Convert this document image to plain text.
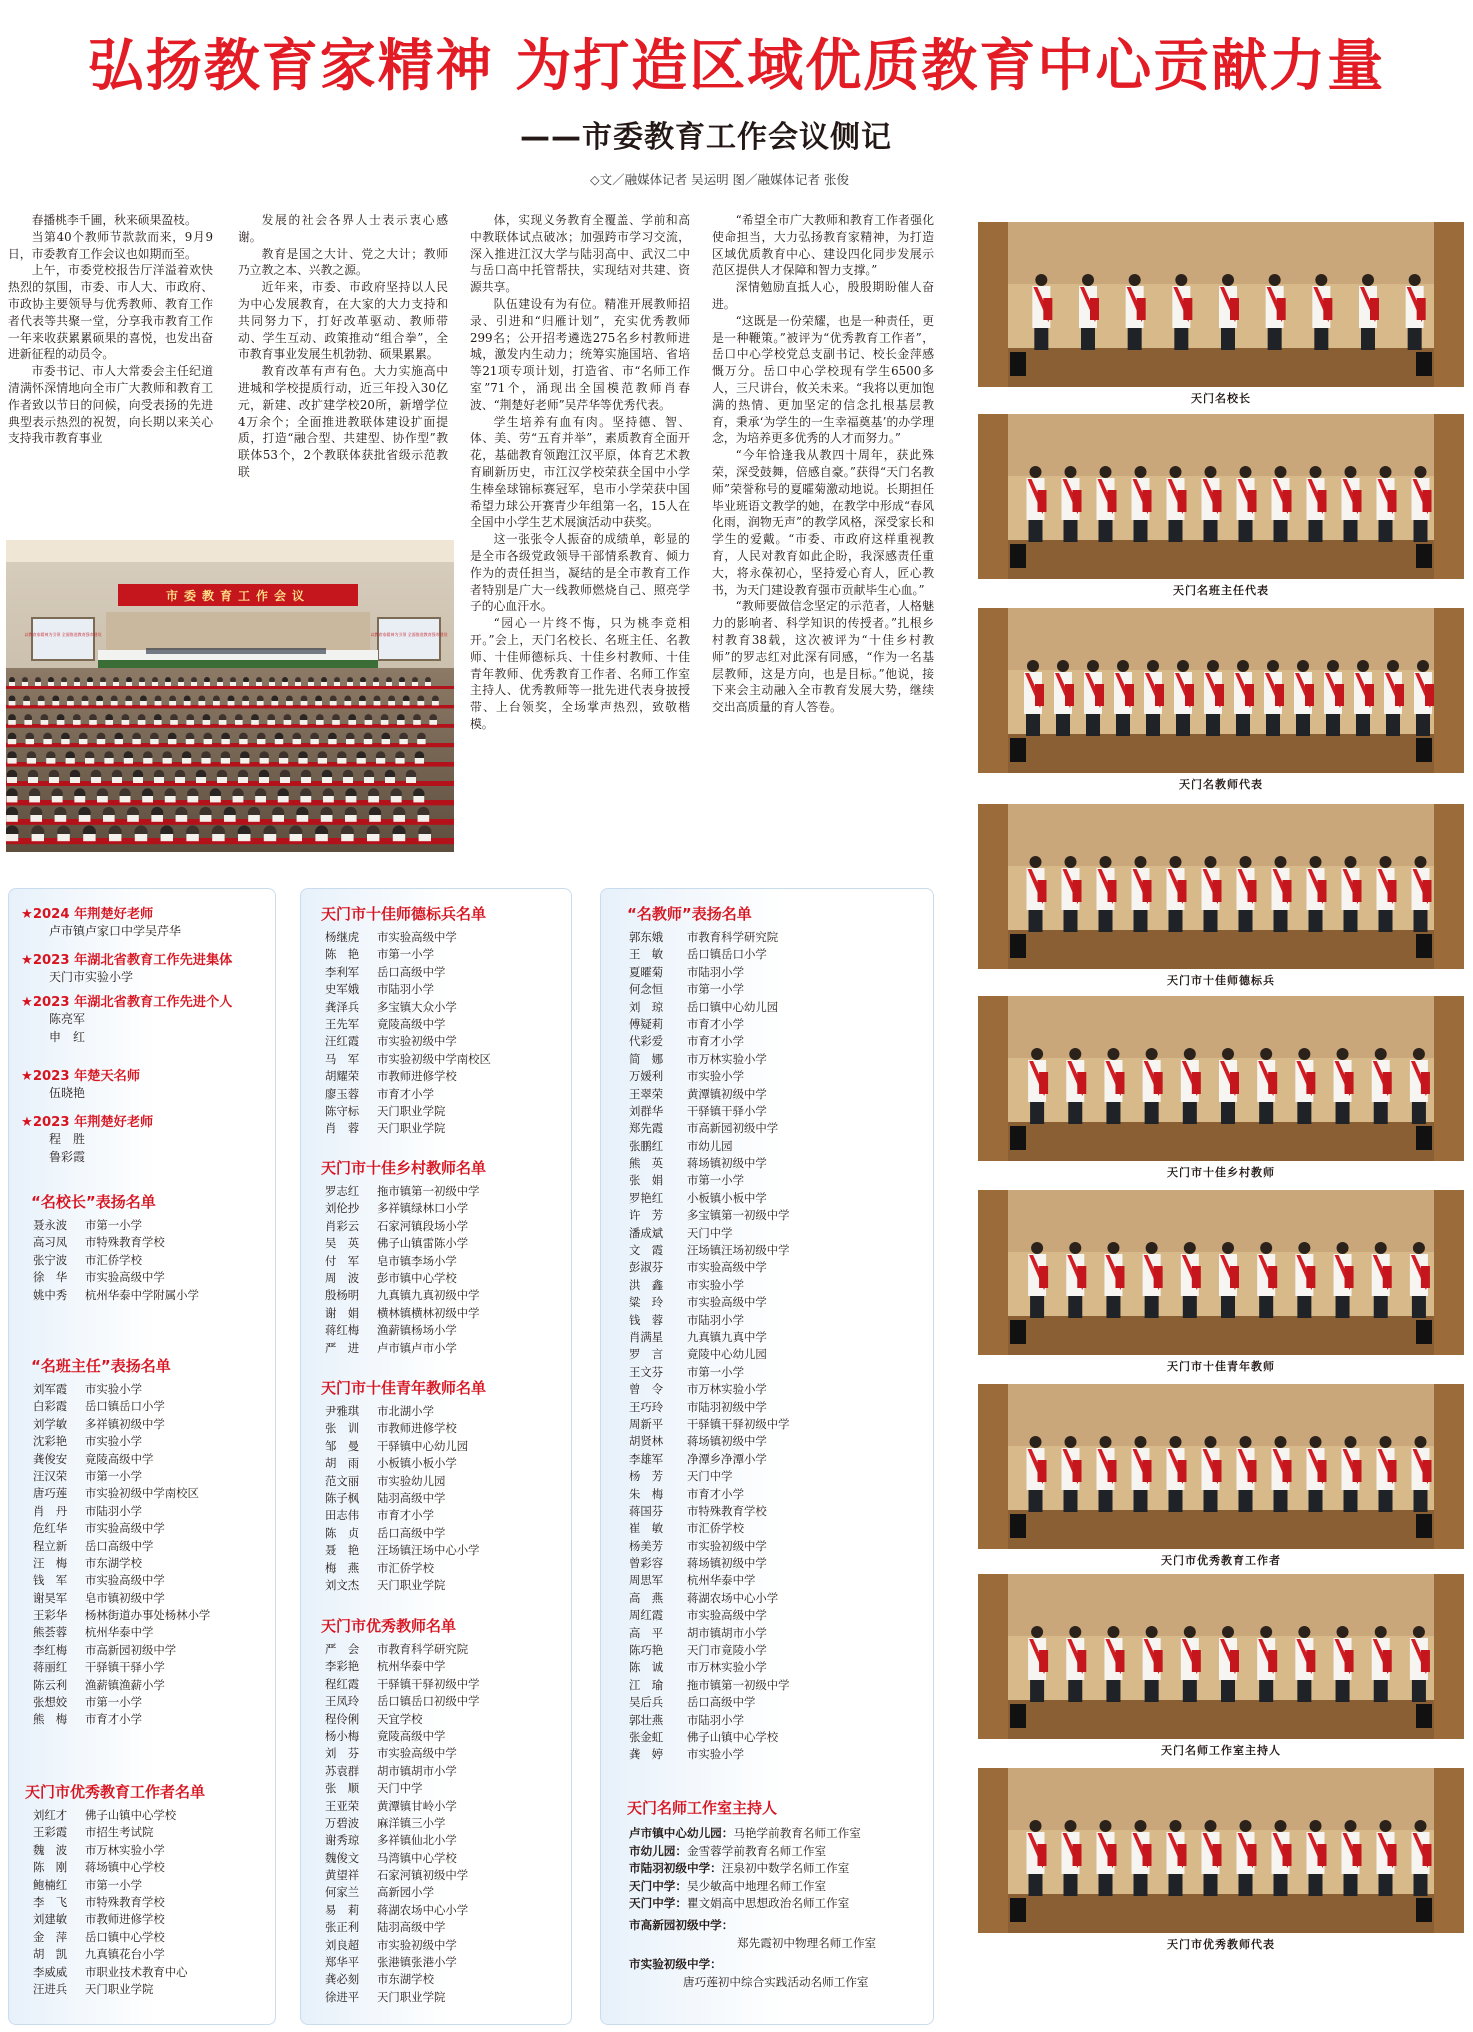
弘扬教育家精神 为打造区域优质教育中心贡献力量
——市委教育工作会议侧记
◇文／融媒体记者 吴运明 图／融媒体记者 张俊

春播桃李千圃，秋来硕果盈枝。

当第40个教师节款款而来，9月9日，市委教育工作会议也如期而至。

上午，市委党校报告厅洋溢着欢快热烈的氛围，市委、市人大、市政府、市政协主要领导与优秀教师、教育工作者代表等共聚一堂，分享我市教育工作一年来收获累累硕果的喜悦，也发出奋进新征程的动员令。

市委书记、市人大常委会主任纪道清满怀深情地向全市广大教师和教育工作者致以节日的问候，向受表扬的先进典型表示热烈的祝贺，向长期以来关心支持我市教育事业

发展的社会各界人士表示衷心感谢。

教育是国之大计、党之大计；教师乃立教之本、兴教之源。

近年来，市委、市政府坚持以人民为中心发展教育，在大家的大力支持和共同努力下，打好改革驱动、教师带动、学生互动、政策推动“组合拳”，全市教育事业发展生机勃勃、硕果累累。

教育改革有声有色。大力实施高中进城和学校提质行动，近三年投入30亿元，新建、改扩建学校20所，新增学位4万余个；全面推进教联体建设扩面提质，打造“融合型、共建型、协作型”教联体53个，2个教联体获批省级示范教联

体，实现义务教育全覆盖、学前和高中教联体试点破冰；加强跨市学习交流，深入推进江汉大学与陆羽高中、武汉二中与岳口高中托管帮扶，实现结对共建、资源共享。

队伍建设有为有位。精准开展教师招录、引进和“归雁计划”，充实优秀教师299名；公开招考遴选275名乡村教师进城，激发内生动力；统筹实施国培、省培等21项专项计划，打造省、市“名师工作室”71个，涌现出全国模范教师肖春波、“荆楚好老师”吴芹华等优秀代表。

学生培养有血有肉。坚持德、智、体、美、劳“五育并举”，素质教育全面开花，基础教育领跑江汉平原，体育艺术教育刷新历史，市江汉学校荣获全国中小学生棒垒球锦标赛冠军，皂市小学荣获中国希望力球公开赛青少年组第一名，15人在全国中小学生艺术展演活动中获奖。

这一张张令人振奋的成绩单，彰显的是全市各级党政领导干部情系教育、倾力作为的责任担当，凝结的是全市教育工作者特别是广大一线教师燃烧自己、照亮学子的心血汗水。

“园心一片终不悔，只为桃李竞相开。”会上，天门名校长、名班主任、名教师、十佳师德标兵、十佳乡村教师、十佳青年教师、优秀教育工作者、名师工作室主持人、优秀教师等一批先进代表身披授带、上台领奖，全场掌声热烈，致敬楷模。

“希望全市广大教师和教育工作者强化使命担当，大力弘扬教育家精神，为打造区域优质教育中心、建设四化同步发展示范区提供人才保障和智力支撑。”

深情勉励直抵人心，殷殷期盼催人奋进。

“这既是一份荣耀，也是一种责任，更是一种鞭策。”被评为“优秀教育工作者”，岳口中心学校党总支副书记、校长金萍感慨万分。岳口中心学校现有学生6500多人，三尺讲台，攸关未来。“我将以更加饱满的热情、更加坚定的信念扎根基层教育，秉承‘为学生的一生幸福奠基’的办学理念，为培养更多优秀的人才而努力。”

“今年恰逢我从教四十周年，获此殊荣，深受鼓舞，倍感自豪。”获得“天门名教师”荣誉称号的夏曤菊激动地说。长期担任毕业班语文教学的她，在教学中形成“春风化雨，润物无声”的教学风格，深受家长和学生的爱戴。“市委、市政府这样重视教育，人民对教育如此企盼，我深感责任重大，将永葆初心，坚持爱心育人，匠心教书，为天门建设教育强市贡献毕生心血。”

“教师要做信念坚定的示范者，人格魅力的影响者、科学知识的传授者。”扎根乡村教育38载，这次被评为“十佳乡村教师”的罗志红对此深有同感，“作为一名基层教师，这是方向，也是目标。”他说，接下来会主动融入全市教育发展大势，继续交出高质量的育人答卷。

市委教育工作会议
以教育家精神为引领 全面推进教育强市建设	以教育家精神为引领 全面推进教育强市建设
天门名校长
天门名班主任代表
天门名教师代表
天门市十佳师德标兵
天门市十佳乡村教师
天门市十佳青年教师
天门市优秀教育工作者
天门名师工作室主持人
天门市优秀教师代表
★2024 年荆楚好老师
卢市镇卢家口中学吴芹华
★2023 年湖北省教育工作先进集体
天门市实验小学
★2023 年湖北省教育工作先进个人
陈亮军
申　红
★2023 年楚天名师
伍晓艳
★2023 年荆楚好老师
程　胜
鲁彩霞
“名校长”表扬名单
聂永波 市第一小学
高习凤 市特殊教育学校
张宁波 市汇侨学校
徐　华 市实验高级中学
姚中秀 杭州华泰中学附属小学
“名班主任”表扬名单
刘军霞 市实验小学
白彩霞 岳口镇岳口小学
刘学敏 多祥镇初级中学
沈彩艳 市实验小学
龚俊安 竟陵高级中学
汪汉荣 市第一小学
唐巧莲 市实验初级中学南校区
肖　丹 市陆羽小学
危红华 市实验高级中学
程立新 岳口高级中学
汪　梅 市东湖学校
钱　军 市实验高级中学
谢昊军 皂市镇初级中学
王彩华 杨林街道办事处杨林小学
熊荟蓉 杭州华泰中学
李红梅 市高新园初级中学
蒋丽红 干驿镇干驿小学
陈云利 渔薪镇渔薪小学
张想姣 市第一小学
熊　梅 市育才小学
天门市优秀教育工作者名单
刘红才 佛子山镇中心学校
王彩霞 市招生考试院
魏　波 市万林实验小学
陈　刚 蒋场镇中心学校
鲍楠红 市第一小学
李　飞 市特殊教育学校
刘建敏 市教师进修学校
金　萍 岳口镇中心学校
胡　凯 九真镇花台小学
李威威 市职业技术教育中心
汪进兵 天门职业学院
天门市十佳师德标兵名单
杨继虎 市实验高级中学
陈　艳 市第一小学
李利军 岳口高级中学
史军娥 市陆羽小学
龚泽兵 多宝镇大众小学
王先军 竟陵高级中学
汪红霞 市实验初级中学
马　军 市实验初级中学南校区
胡耀荣 市教师进修学校
廖玉蓉 市育才小学
陈守标 天门职业学院
肖　蓉 天门职业学院
天门市十佳乡村教师名单
罗志红 拖市镇第一初级中学
刘伦抄 多祥镇绿林口小学
肖彩云 石家河镇段场小学
吴　英 佛子山镇雷陈小学
付　军 皂市镇李场小学
周　波 彭市镇中心学校
殷杨明 九真镇九真初级中学
谢　娟 横林镇横林初级中学
蒋红梅 渔薪镇杨场小学
严　进 卢市镇卢市小学
天门市十佳青年教师名单
尹雅琪 市北湖小学
张　训 市教师进修学校
邹　曼 干驿镇中心幼儿园
胡　雨 小板镇小板小学
范文丽 市实验幼儿园
陈子枫 陆羽高级中学
田志伟 市育才小学
陈　贞 岳口高级中学
聂　艳 汪场镇汪场中心小学
梅　燕 市汇侨学校
刘文杰 天门职业学院
天门市优秀教师名单
严　会 市教育科学研究院
李彩艳 杭州华泰中学
程红霞 干驿镇干驿初级中学
王凤玲 岳口镇岳口初级中学
程伶俐 天宜学校
杨小梅 竟陵高级中学
刘　芬 市实验高级中学
苏袁群 胡市镇胡市小学
张　顺 天门中学
王亚荣 黄潭镇甘岭小学
万碧波 麻洋镇三小学
谢秀琼 多祥镇仙北小学
魏俊文 马湾镇中心学校
黄望祥 石家河镇初级中学
何家兰 高新园小学
易　莉 蒋湖农场中心小学
张正利 陆羽高级中学
刘良超 市实验初级中学
郑华平 张港镇张港小学
龚必刻 市东湖学校
徐进平 天门职业学院
“名教师”表扬名单
郭东娥 市教育科学研究院
王　敏 岳口镇岳口小学
夏曤菊 市陆羽小学
何念恒 市第一小学
刘　琼 岳口镇中心幼儿园
傅疑莉 市育才小学
代彩爱 市育才小学
简　娜 市万林实验小学
万媛利 市实验小学
王翠荣 黄潭镇初级中学
刘群华 干驿镇干驿小学
郑先霞 市高新园初级中学
张鹏红 市幼儿园
熊　英 蒋场镇初级中学
张　娟 市第一小学
罗艳红 小板镇小板中学
许　芳 多宝镇第一初级中学
潘成斌 天门中学
文　霞 汪场镇汪场初级中学
彭淑芬 市实验高级中学
洪　鑫 市实验小学
粱　玲 市实验高级中学
钱　蓉 市陆羽小学
肖满星 九真镇九真中学
罗　言 竟陵中心幼儿园
王文芬 市第一小学
曾　令 市万林实验小学
王巧玲 市陆羽初级中学
周新平 干驿镇干驿初级中学
胡贤林 蒋场镇初级中学
李雄军 净潭乡净潭小学
杨　芳 天门中学
朱　梅 市育才小学
蒋国芬 市特殊教育学校
崔　敏 市汇侨学校
杨美芳 市实验初级中学
曾彩容 蒋场镇初级中学
周思军 杭州华泰中学
高　燕 蒋湖农场中心小学
周红霞 市实验高级中学
高　平 胡市镇胡市小学
陈巧艳 天门市竟陵小学
陈　诚 市万林实验小学
江　瑜 拖市镇第一初级中学
吴后兵 岳口高级中学
郭壮燕 市陆羽小学
张金虹 佛子山镇中心学校
龚　婷 市实验小学
天门名师工作室主持人
卢市镇中心幼儿园：马艳学前教育名师工作室
市幼儿园：金雪蓉学前教育名师工作室
市陆羽初级中学：汪泉初中数学名师工作室
天门中学：吴少敏高中地理名师工作室
天门中学：瞿文娟高中思想政治名师工作室
市高新园初级中学：
郑先霞初中物理名师工作室
市实验初级中学：
唐巧莲初中综合实践活动名师工作室
